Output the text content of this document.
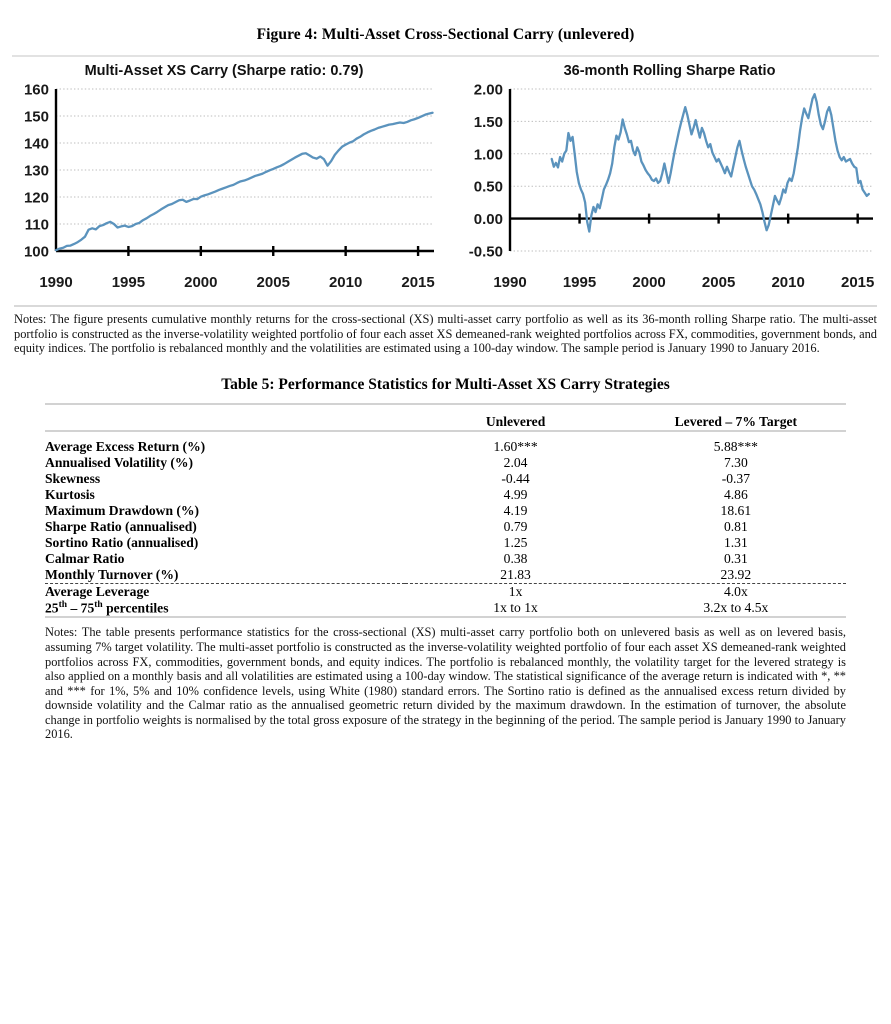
Figure 4: Multi-Asset Cross-Sectional Carry (unlevered)
Multi-Asset XS Carry (Sharpe ratio: 0.79)
100
110
120
130
140
150
160
1990	1995	2000	2005	2010	2015
36-month Rolling Sharpe Ratio
-0.50
0.00
0.50
1.00
1.50
2.00
1990 1995 2000 2005 2010 2015
Notes: The figure presents cumulative monthly returns for the cross-sectional (XS) multi-asset carry portfolio as well as its 36-month rolling Sharpe ratio. The multi-asset portfolio is constructed as the inverse-volatility weighted portfolio of four each asset XS demeaned-rank weighted portfolios across FX, commodities, government bonds, and equity indices. The portfolio is rebalanced monthly and the volatilities are estimated using a 100-day window. The sample period is January 1990 to January 2016.
Table 5: Performance Statistics for Multi-Asset XS Carry Strategies

	Unlevered	Levered – 7% Target

Average Excess Return (%)	1.60***	5.88***
Annualised Volatility (%)	2.04	7.30
Skewness	-0.44	-0.37
Kurtosis	4.99	4.86
Maximum Drawdown (%)	4.19	18.61
Sharpe Ratio (annualised)	0.79	0.81
Sortino Ratio (annualised)	1.25	1.31
Calmar Ratio	0.38	0.31
Monthly Turnover (%)	21.83	23.92

Average Leverage	1x	4.0x
25th – 75th percentiles	1x to 1x	3.2x to 4.5x

Notes: The table presents performance statistics for the cross-sectional (XS) multi-asset carry portfolio both on unlevered basis as well as on levered basis, assuming 7% target volatility. The multi-asset portfolio is constructed as the inverse-volatility weighted portfolio of four each asset XS demeaned-rank weighted portfolios across FX, commodities, government bonds, and equity indices. The portfolio is rebalanced monthly, the volatility target for the levered strategy is also applied on a monthly basis and all volatilities are estimated using a 100-day window. The statistical significance of the average return is indicated with *, ** and *** for 1%, 5% and 10% confidence levels, using White (1980) standard errors. The Sortino ratio is defined as the annualised excess return divided by downside volatility and the Calmar ratio as the annualised geometric return divided by the maximum drawdown. In the estimation of turnover, the absolute change in portfolio weights is normalised by the total gross exposure of the strategy in the beginning of the period. The sample period is January 1990 to January 2016.
